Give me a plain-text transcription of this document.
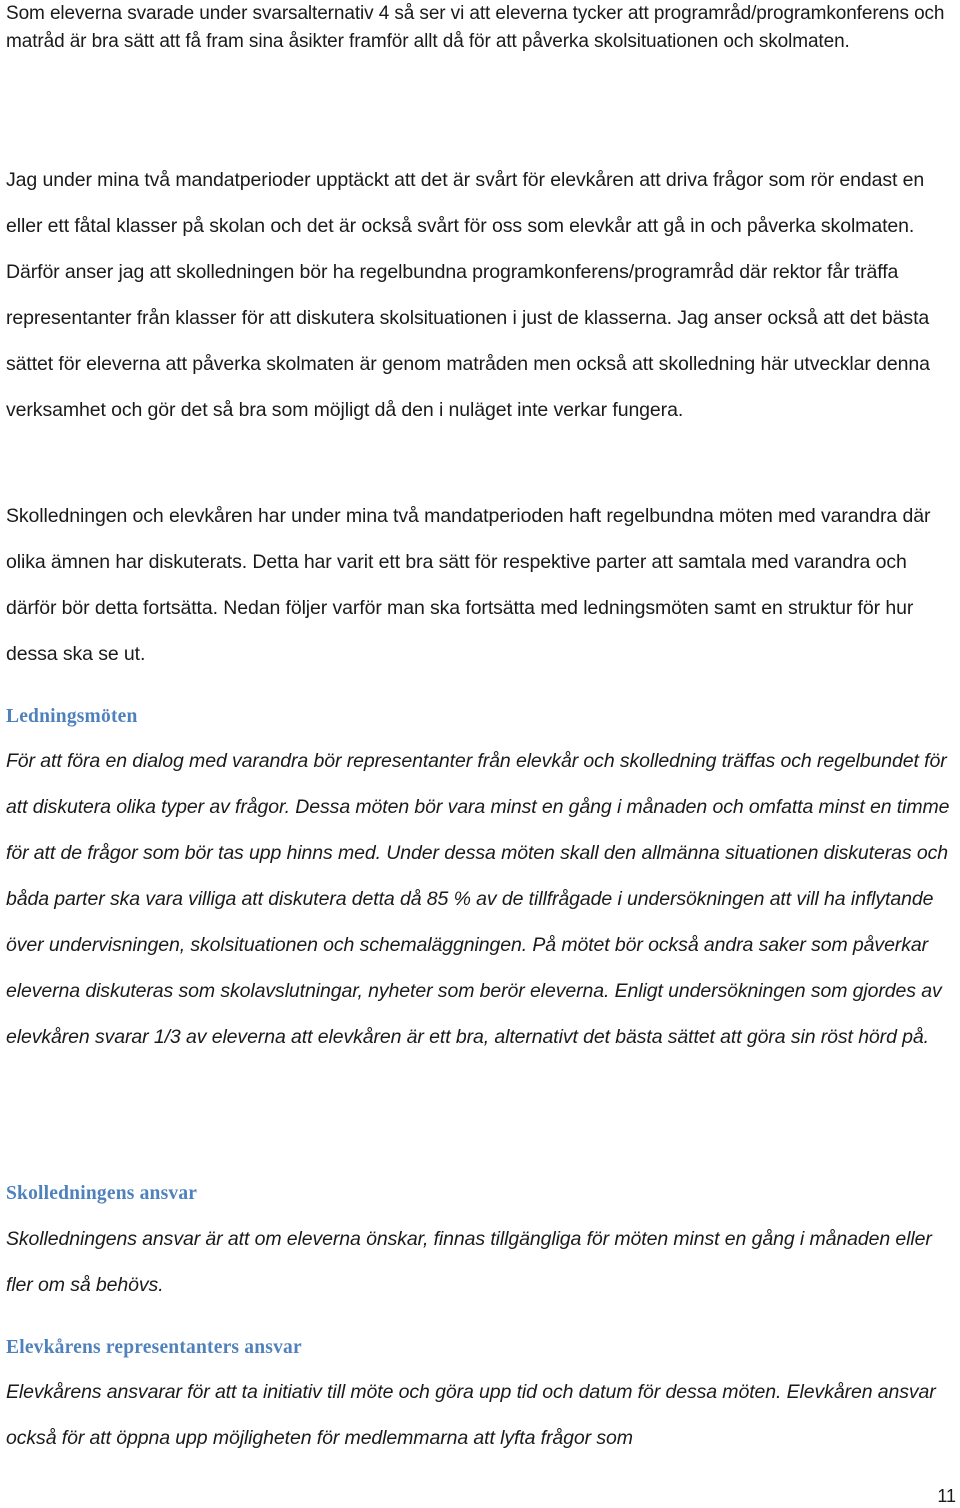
Som eleverna svarade under svarsalternativ 4 så ser vi att eleverna tycker att programråd/programkonferens och matråd är bra sätt att få fram sina åsikter framför allt då för att påverka skolsituationen och skolmaten.

Jag under mina två mandatperioder upptäckt att det är svårt för elevkåren att driva frågor som rör endast en eller ett fåtal klasser på skolan och det är också svårt för oss som elevkår att gå in och påverka skolmaten. Därför anser jag att skolledningen bör ha regelbundna programkonferens/programråd där rektor får träffa representanter från klasser för att diskutera skolsituationen i just de klasserna. Jag anser också att det bästa sättet för eleverna att påverka skolmaten är genom matråden men också att skolledning här utvecklar denna verksamhet och gör det så bra som möjligt då den i nuläget inte verkar fungera.

Skolledningen och elevkåren har under mina två mandatperioden haft regelbundna möten med varandra där olika ämnen har diskuterats. Detta har varit ett bra sätt för respektive parter att samtala med varandra och därför bör detta fortsätta. Nedan följer varför man ska fortsätta med ledningsmöten samt en struktur för hur dessa ska se ut.

Ledningsmöten

För att föra en dialog med varandra bör representanter från elevkår och skolledning träffas och regelbundet för att diskutera olika typer av frågor. Dessa möten bör vara minst en gång i månaden och omfatta minst en timme för att de frågor som bör tas upp hinns med. Under dessa möten skall den allmänna situationen diskuteras och båda parter ska vara villiga att diskutera detta då 85 % av de tillfrågade i undersökningen att vill ha inflytande över undervisningen, skolsituationen och schemaläggningen. På mötet bör också andra saker som påverkar eleverna diskuteras som skolavslutningar, nyheter som berör eleverna. Enligt undersökningen som gjordes av elevkåren svarar 1/3 av eleverna att elevkåren är ett bra, alternativt det bästa sättet att göra sin röst hörd på.

Skolledningens ansvar

Skolledningens ansvar är att om eleverna önskar, finnas tillgängliga för möten minst en gång i månaden eller fler om så behövs.

Elevkårens representanters ansvar

Elevkårens ansvarar för att ta initiativ till möte och göra upp tid och datum för dessa möten. Elevkåren ansvar också för att öppna upp möjligheten för medlemmarna att lyfta frågor som

11
